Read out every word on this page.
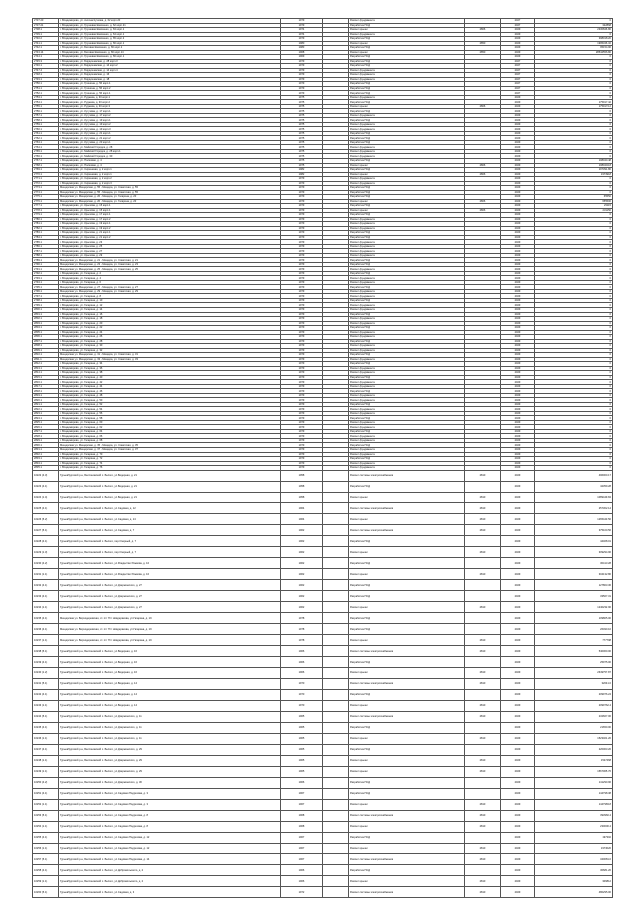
2737.20	г. Владимирово, ул. Антона Кучкова, д. 62 корп.20	1979		Ремонт фундамента		2027	0
2737.21	г. Владимирово, ул. Грушевая Шевченко, д. 62 корп.21	1979		Разработка ПСД		2027	322868
2738.1	г. Владимирово, ул. Грушевая Шевченко, д. 63 корп.1	1974		Ремонт крыши	2806	2029	2330846.80
2739.1	г. Владимирово, ул. Грушевая Шевченко, д. 64 корп.1	1974		Ремонт фундамента		2029	0
2740.2	г. Владимирово, ул. Грушевая Шевченко, д. 65 корп.2	1979		Разработка ПСД		2029	398018.20
2741.1	г. Владимирово, ул. Грушевая Шевченко, д. 66 корп.1	1980		Ремонт крыши	2850	2029	1995346.32
2742.1	г. Владимирово, ул. Беговая Шевченко, д. 66 корп.1	1983		Разработка ПСД		2029	95154.96
2743.14	г. Владимирово, ул. Беговая Шевченко, д. 66 корп.14	1968		Ремонт крыши	2850	2029	28542556.80
2744.1	г. Владимирово, ул. Грушевая Шевченко, д. 66 корп.1	1969		Разработка ПСД		2029	0
2745.3	г. Владимирово, ул. Бирдишевская, д. 28 корп.3	1979		Разработка ПСД		2027	0
2746.1	г. Владимирово, ул. Бирдишевская, д. 14 корп.2	1979		Разработка ПСД		2027	0
2747.4	г. Владимирово, ул. Бирдишевская, д. 14 корп.4	1979		Ремонт фундамента		2027	0
2748.1	г. Владимирово, ул. Бирдишевская, д. 16	1979		Ремонт фундамента		2027	0
2749.1	г. Владимирово, ул. Бирдишевская, д. 18	1979		Ремонт фундамента		2027	0
2750.1	г. Владимирово, ул. Гришина, д. 56 корп.1	1979		Разработка ПСД		2027	0
2751.1	г. Владимирово, ул. Гришина, д. 56 корп.2	1979		Разработка ПСД		2027	0
2752.1	г. Владимирово, ул. Гришина, д. 56 корп.1	1979		Разработка ПСД		2027	0
2753.1	г. Владимирово, ул. Руднева, д. 30 корп.1	1975		Ремонт фундамента		2029	0
2754.1	г. Владимирово, ул. Руднева, д. 30 корп.2	1975		Разработка ПСД		2029	175917.42
2755.1	г. Владимирово, ул. Руднева, д. 30 корп.3	1975		Ремонт крыши	2806	2029	1759174.2
2756.1	г. Владимирово, ул. Кутузова, д. 17 корп.1	1975		Разработка ПСД		2029	0
2757.1	г. Владимирово, ул. Кутузова, д. 17 корп.2	1975		Ремонт фундамента		2029	0
2758.1	г. Владимирово, ул. Кутузова, д. 19 корп.1	1975		Разработка ПСД		2029	0
2759.1	г. Владимирово, ул. Кутузова, д. 19 корп.2	1975		Ремонт фундамента		2029	0
2760.1	г. Владимирово, ул. Кутузова, д. 19 корп.3	1975		Ремонт фундамента		2029	0
2761.1	г. Владимирово, ул. Кутузова, д. 21 корп.1	1975		Разработка ПСД		2029	0
2762.1	г. Владимирово, ул. Кутузова, д. 21 корп.2	1975		Разработка ПСД		2029	0
2763.1	г. Владимирово, ул. Кутузова, д. 23 корп.1	1975		Разработка ПСД		2029	0
2764.1	г. Владимирово, ул. Майский Городок, д. 28	1975		Ремонт фундамента		2029	0
2765.1	г. Владимирово, ул. Майский Городок, д. 28 корп.1	1975		Ремонт фундамента		2029	0
2766.1	г. Владимирово, ул. Майский Городок, д. 30	1975		Ремонт фундамента		2029	0
2767.1	г. Владимирово, ул. Полковая, д. 4	1975		Разработка ПСД		2029	108040.48
2768.1	г. Владимирово, ул. Полковая, д. 4	1975		Ремонт крыши	2806	2029	1080404.8
2769.1	г. Владимирово, ул. Сиреневая, д. 2 корп.1	1982		Разработка ПСД		2029	197391.80
2770.1	г. Владимирово, ул. Сиреневая, д. 2 корп.1	1982		Ремонт крыши	2806	2029	1973918
2771.1	г. Владимирово, ул. Сиреневая, д. 2 корп.2	1979		Ремонт фундамента		2029	0
2772.1	г. Владимирово, ул. Сиреневая, д. 2 корп.3	1979		Ремонт фундамента		2029	0
2773.1	Мещерская ул. Мещерская, д. 55 - Мещера, ул. Советская, д. 55	1979		Разработка ПСД		2029	0
2774.1	Мещерская ул. Мещерская, д. 55 - Мещера, ул. Советская, д. 55	1979		Разработка ПСД		2029	0
2775.1	Мещерская ул. Мещерская, д. 20 - Мещера, ул. Гагарина, д. 20	1979		Разработка ПСД		2029	65550
2776.1	Мещерская ул. Мещерская, д. 20 - Мещера, ул. Гагарина, д. 20	1979		Ремонт крыши	2806	2029	655500
2777.1	г. Владимирово, ул. Крылова, д. 15 корп.1	1979		Разработка ПСД		2029	23115
2778.1	г. Владимирово, ул. Крылова, д. 15 корп.1	1979		Ремонт крыши	2806	2029	231150
2779.1	г. Владимирово, ул. Крылова, д. 17 корп.1	1979		Разработка ПСД		2029	0
2780.1	г. Владимирово, ул. Крылова, д. 17 корп.2	1979		Ремонт фундамента		2029	0
2781.1	г. Владимирово, ул. Крылова, д. 19 корп.1	1979		Ремонт фундамента		2029	0
2782.1	г. Владимирово, ул. Крылова, д. 19 корп.2	1979		Ремонт фундамента		2029	0
2783.1	г. Владимирово, ул. Крылова, д. 21 корп.1	1979		Разработка ПСД		2029	0
2784.1	г. Владимирово, ул. Крылова, д. 21 корп.2	1979		Разработка ПСД		2029	0
2785.1	г. Владимирово, ул. Крылова, д. 23	1979		Ремонт фундамента		2029	0
2786.1	г. Владимирово, ул. Крылова, д. 25	1979		Ремонт фундамента		2029	0
2787.1	г. Владимирово, ул. Крылова, д. 27	1979		Ремонт фундамента		2029	0
2788.1	г. Владимирово, ул. Крылова, д. 29	1979		Ремонт фундамента		2029	0
2789.1	Мещерская ул. Мещерская, д. 21 - Мещера, ул. Советская, д. 21	1979		Разработка ПСД		2029	0
2790.1	Мещерская ул. Мещерская, д. 23 - Мещера, ул. Советская, д. 23	1979		Разработка ПСД		2029	0
2791.1	Мещерская ул. Мещерская, д. 25 - Мещера, ул. Советская, д. 25	1979		Ремонт фундамента		2029	0
2792.1	г. Владимирово, ул. Гагарина, д. 2	1979		Разработка ПСД		2029	0
2793.1	г. Владимирово, ул. Гагарина, д. 4	1979		Ремонт фундамента		2029	0
2794.1	г. Владимирово, ул. Гагарина, д. 6	1979		Ремонт фундамента		2029	0
2795.1	Мещерская ул. Мещерская, д. 27 - Мещера, ул. Советская, д. 27	1979		Разработка ПСД		2029	0
2796.1	Мещерская ул. Мещерская, д. 29 - Мещера, ул. Советская, д. 29	1979		Ремонт фундамента		2029	0
2797.1	г. Владимирово, ул. Гагарина, д. 8	1979		Ремонт фундамента		2029	0
2798.1	г. Владимирово, ул. Гагарина, д. 10	1979		Разработка ПСД		2029	0
2799.1	г. Владимирово, ул. Гагарина, д. 12	1979		Ремонт фундамента		2029	0
2800.1	г. Владимирово, ул. Гагарина, д. 14	1979		Ремонт фундамента		2029	0
2801.1	г. Владимирово, ул. Гагарина, д. 16	1979		Разработка ПСД		2029	0
2802.1	г. Владимирово, ул. Гагарина, д. 18	1979		Ремонт фундамента		2029	0
2803.1	г. Владимирово, ул. Гагарина, д. 20	1979		Ремонт фундамента		2029	0
2804.1	г. Владимирово, ул. Гагарина, д. 22	1979		Разработка ПСД		2029	0
2805.1	г. Владимирово, ул. Гагарина, д. 24	1979		Ремонт фундамента		2029	0
2806.1	г. Владимирово, ул. Гагарина, д. 26	1979		Ремонт фундамента		2029	0
2807.1	г. Владимирово, ул. Гагарина, д. 28	1979		Разработка ПСД		2029	0
2808.1	г. Владимирово, ул. Гагарина, д. 30	1979		Ремонт фундамента		2029	0
2809.1	г. Владимирово, ул. Гагарина, д. 32	1979		Ремонт фундамента		2029	0
2810.1	Мещерская ул. Мещерская, д. 31 - Мещера, ул. Советская, д. 31	1979		Разработка ПСД		2029	0
2811.1	Мещерская ул. Мещерская, д. 33 - Мещера, ул. Советская, д. 33	1979		Ремонт фундамента		2029	0
2812.1	г. Владимирово, ул. Гагарина, д. 34	1979		Разработка ПСД		2029	0
2813.1	г. Владимирово, ул. Гагарина, д. 36	1979		Ремонт фундамента		2029	0
2814.1	г. Владимирово, ул. Гагарина, д. 38	1979		Ремонт фундамента		2029	0
2815.1	г. Владимирово, ул. Гагарина, д. 40	1979		Разработка ПСД		2029	0
2816.1	г. Владимирово, ул. Гагарина, д. 42	1979		Ремонт фундамента		2029	0
2817.1	г. Владимирово, ул. Гагарина, д. 44	1979		Ремонт фундамента		2029	0
2818.1	г. Владимирово, ул. Гагарина, д. 46	1979		Разработка ПСД		2029	0
2819.1	г. Владимирово, ул. Гагарина, д. 48	1979		Ремонт фундамента		2029	0
2820.1	г. Владимирово, ул. Гагарина, д. 50	1979		Ремонт фундамента		2029	0
2821.1	г. Владимирово, ул. Гагарина, д. 52	1979		Разработка ПСД		2029	0
2822.1	г. Владимирово, ул. Гагарина, д. 54	1979		Ремонт фундамента		2029	0
2823.1	г. Владимирово, ул. Гагарина, д. 56	1979		Ремонт фундамента		2029	0
2824.1	г. Владимирово, ул. Гагарина, д. 58	1979		Разработка ПСД		2029	0
2825.1	г. Владимирово, ул. Гагарина, д. 60	1979		Ремонт фундамента		2029	0
2826.1	г. Владимирово, ул. Гагарина, д. 62	1979		Ремонт фундамента		2029	0
2827.1	г. Владимирово, ул. Гагарина, д. 64	1979		Разработка ПСД		2029	0
2828.1	г. Владимирово, ул. Гагарина, д. 66	1979		Ремонт фундамента		2029	0
2829.1	г. Владимирово, ул. Гагарина, д. 68	1979		Ремонт фундамента		2029	0
2830.1	Мещерская ул. Мещерская, д. 35 - Мещера, ул. Советская, д. 35	1979		Разработка ПСД		2029	0
2831.1	Мещерская ул. Мещерская, д. 37 - Мещера, ул. Советская, д. 37	1979		Ремонт фундамента		2029	0
2832.1	г. Владимирово, ул. Гагарина, д. 70	1979		Ремонт фундамента		2029	0
2833.1	г. Владимирово, ул. Гагарина, д. 72	1979		Разработка ПСД		2029	0
2834.1	г. Владимирово, ул. Гагарина, д. 74	1979		Ремонт фундамента		2029	0
2835.1	г. Владимирово, ул. Гагарина, д. 76	1979		Ремонт фундамента		2029	0
10222 (4.3)	Гурьевбургский р-н, Бессоновский с. Белого, ул.Ведерная, д. 21	1958		Ремонт системы электроснабжения	2810	2029	496000.17
10223 (4.1)	Гурьевбургский р-н, Бессоновский с. Белого, ул.Ведерная, д. 21	1958		Разработка ПСД		2029	42359.28
10224 (1.4)	Гурьевбургский р-н, Бессоновский с. Белого, ул.Ведерная, д. 21	1958		Ремонт крыши	2810	2029	1089449.84
10225 (4.1)	Гурьевбургский р-н, Бессоновский с. Белого, ул.Садовая, д. 12	1964		Ремонт системы электроснабжения	2810	2029	257302.14
10226 (5.2)	Гурьевбургский р-н, Бессоновский с. Белого, ул.Садовая, д. 14	1964		Ремонт крыши	2810	2029	1265443.50
10227 (5.1)	Гурьевбургский р-н, Бессоновский с. Белого, ул.Садовая, д. 7	1962		Ремонт системы электроснабжения	2810	2029	375100.56
10228 (4.1)	Гурьевбургский р-н, Бессоновский с. Белого, пер.Озерный, д. 7	1962		Разработка ПСД		2029	44468.01
10229 (1.3)	Гурьевбургский р-н, Бессоновский с. Белого, пер.Озерный, д. 7	1962		Ремонт крыши	2810	2029	309294.96
10230 (4.2)	Гурьевбургский р-н, Бессоновский с. Белого, ул.Рождество Рожкова, д. 10	1962		Разработка ПСД		2029	30413.28
10231 (1.1)	Гурьевбургский р-н, Бессоновский с. Белого, ул.Рождество Рожкова, д. 10	1962		Ремонт крыши	2810	2029	304132.80
10232 (4.1)	Гурьевбургский р-н, Бессоновский с. Белого, ул.Дзержинского, д. 27	1962		Разработка ПСД		2029	127803.36
10233 (4.1)	Гурьевбургский р-н, Бессоновский с. Белого, ул.Дзержинского, д. 27	1962		Разработка ПСД		2029	33567.31
10234 (1.1)	Гурьевбургский р-н, Бессоновский с. Белого, ул.Дзержинского, д. 27	1962		Ремонт крыши	2810	2029	1240232.96
10235 (4.1)	Мещерская ул. Верходеревская, ст. пгт Пгт Новдерякова, ул.Гагарина, д. 19	1978		Разработка ПСД		2029	109805.00
10236 (4.1)	Мещерская ул. Верходеревская, ст. пгт Пгт Новдерякова, ул.Гагарина, д. 19	1978		Разработка ПСД		2029	26490.10
10237 (1.1)	Мещерская ул. Верходеревская, ст. пгт Пгт Новдерякова, ул.Гагарина, д. 19	1978		Ремонт крыши	2810	2029	777798
10238 (5.1)	Гурьевбургский р-н, Бессоновский с. Белого, ул.Ведерная, д. 16	1966		Ремонт системы электроснабжения	2810	2029	540060.00
10239 (4.1)	Гурьевбургский р-н, Бессоновский с. Белого, ул.Ведерная, д. 16	1966		Разработка ПСД		2029	25975.00
10240 (1.2)	Гурьевбургский р-н, Бессоновский с. Белого, ул.Ведерная, д. 16	1966		Ремонт крыши	2810	2029	2649757.87
10241 (5.1)	Гурьевбургский р-н, Бессоновский с. Белого, ул.Ведерная, д. 14	1970		Ремонт системы электроснабжения	2810	2029	32041.0
10242 (4.1)	Гурьевбургский р-н, Бессоновский с. Белого, ул.Ведерная, д. 14	1970		Разработка ПСД		2029	209976.24
10243 (1.1)	Гурьевбургский р-н, Бессоновский с. Белого, ул.Ведерная, д. 14	1970		Ремонт крыши	2810	2029	2099762.4
10244 (5.1)	Гурьевбургский р-н, Бессоновский с. Белого, ул.Дзержинского, д. 11	1965		Ремонт системы электроснабжения	2810	2029	232667.06
10245 (4.1)	Гурьевбургский р-н, Бессоновский с. Белого, ул.Дзержинского, д. 11	1965		Разработка ПСД		2029	21650.00
10246 (1.1)	Гурьевбургский р-н, Бессоновский с. Белого, ул.Дзержинского, д. 11	1965		Ремонт крыши	2810	2029	1523401.20
10247 (4.1)	Гурьевбургский р-н, Бессоновский с. Белого, ул.Дзержинского, д. 29	1965		Разработка ПСД		2029	220003.20
10248 (1.1)	Гурьевбургский р-н, Бессоновский с. Белого, ул.Дзержинского, д. 29	1965		Ремонт крыши	2810	2029	1527468
10249 (1.1)	Гурьевбургский р-н, Бессоновский с. Белого, ул.Дзержинского, д. 29	1965		Ремонт крыши	2810	2029	1567065.76
10250 (4.2)	Гурьевбургский р-н, Бессоновский с. Белого, ул.Дзержинского, д. 30	1966		Разработка ПСД		2029	141290.96
10251 (4.1)	Гурьевбургский р-н, Бессоновский с. Белого, ул.Садовая Подрезова, д. 3	1967		Разработка ПСД		2029	144798.38
10252 (1.1)	Гурьевбургский р-н, Бессоновский с. Белого, ул.Садовая Подрезова, д. 3	1967		Ремонт крыши	2810	2029	1447983.8
10253 (5.1)	Гурьевбургский р-н, Бессоновский с. Белого, ул.Садовая Подрезова, д. 8	1968		Ремонт системы электроснабжения	2810	2029	393960.4
10254 (1.1)	Гурьевбургский р-н, Бессоновский с. Белого, ул.Садовая Подрезова, д. 8	1968		Ремонт крыши	2810	2029	230000.4
10255 (4.1)	Гурьевбургский р-н, Бессоновский с. Белого, ул.Садовая Подрезова, д. 12	1967		Разработка ПСД		2029	197302
10256 (1.1)	Гурьевбургский р-н, Бессоновский с. Белого, ул.Садовая Подрезова, д. 12	1967		Ремонт крыши	2810	2029	1973020
10257 (5.1)	Гурьевбургский р-н, Бессоновский с. Белого, ул.Садовая Подрезова, д. 14	1967		Ремонт системы электроснабжения	2810	2029	340081.0
10258 (4.1)	Гурьевбургский р-н, Бессоновский с. Белого, ул.Добровольского, д. 2	1966		Разработка ПСД		2029	30681.20
10259 (1.1)	Гурьевбургский р-н, Бессоновский с. Белого, ул.Добровольского, д. 2	1966		Ремонт крыши	2810	2029	306812
10260 (5.1)	Гурьевбургский р-н, Бессоновский с. Белого, ул.Садовая, д. 3	1972		Ремонт системы электроснабжения	2810	2029	480295.00
